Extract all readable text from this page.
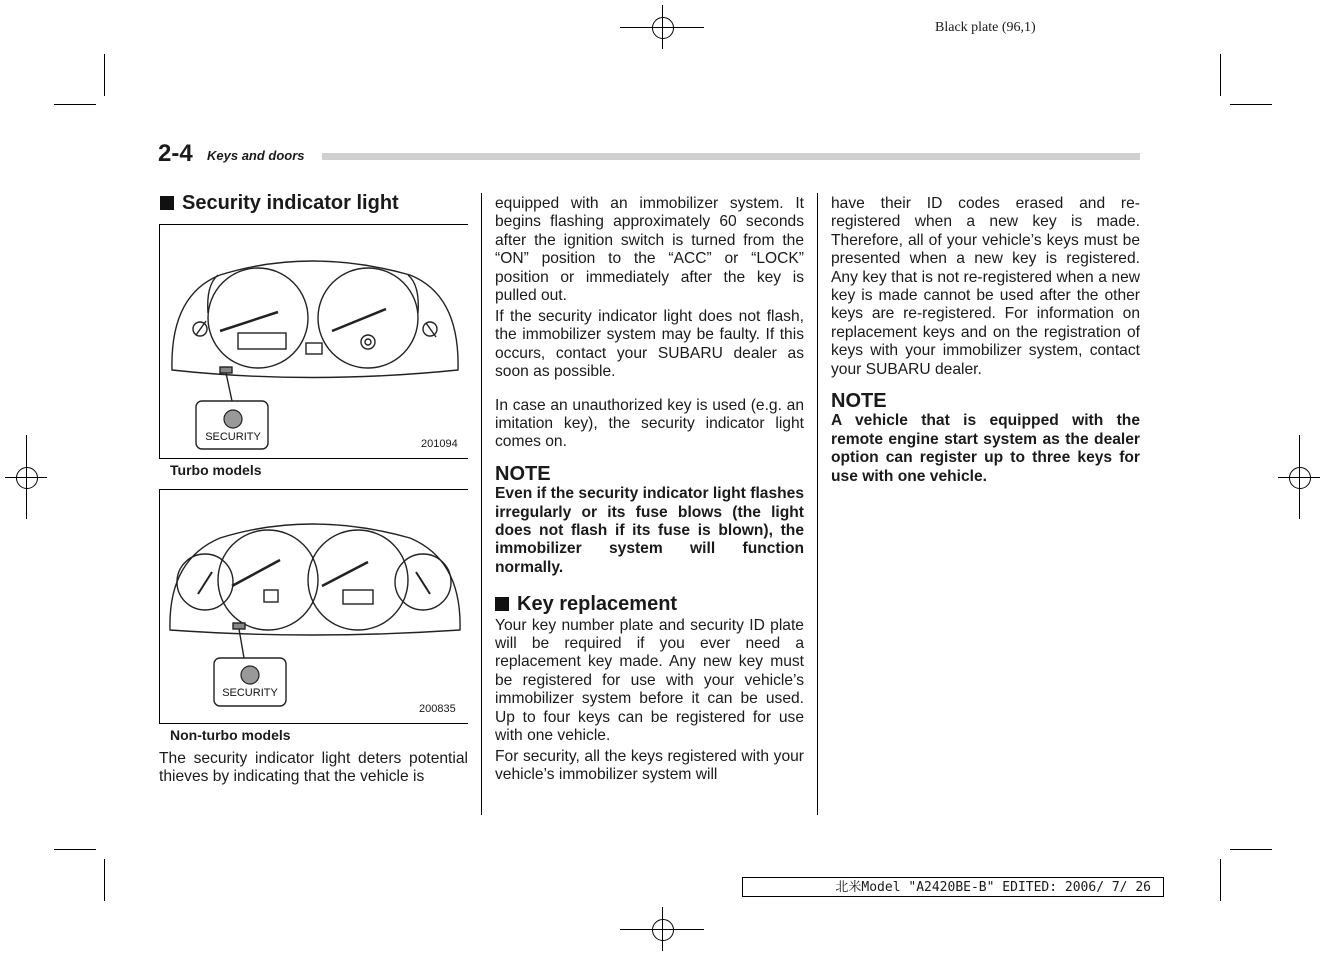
Black plate (96,1)
2-4 Keys and doors
Security indicator light
SECURITY
201094
Turbo models
SECURITY
200835
Non-turbo models

The security indicator light deters potential thieves by indicating that the vehicle is

equipped with an immobilizer system. It begins flashing approximately 60 seconds after the ignition switch is turned from the “ON” position to the “ACC” or “LOCK” position or immediately after the key is pulled out.

If the security indicator light does not flash, the immobilizer system may be faulty. If this occurs, contact your SUBARU dealer as soon as possible.

In case an unauthorized key is used (e.g. an imitation key), the security indicator light comes on.

NOTE

Even if the security indicator light flashes irregularly or its fuse blows (the light does not flash if its fuse is blown), the immobilizer system will function normally.

Key replacement

Your key number plate and security ID plate will be required if you ever need a replacement key made. Any new key must be registered for use with your vehicle’s immobilizer system before it can be used. Up to four keys can be registered for use with one vehicle.

For security, all the keys registered with your vehicle’s immobilizer system will

have their ID codes erased and re-registered when a new key is made. Therefore, all of your vehicle’s keys must be presented when a new key is registered. Any key that is not re-registered when a new key is made cannot be used after the other keys are re-registered. For information on replacement keys and on the registration of keys with your immobilizer system, contact your SUBARU dealer.

NOTE

A vehicle that is equipped with the remote engine start system as the dealer option can register up to three keys for use with one vehicle.

北米Model "A2420BE-B" EDITED: 2006/ 7/ 26
